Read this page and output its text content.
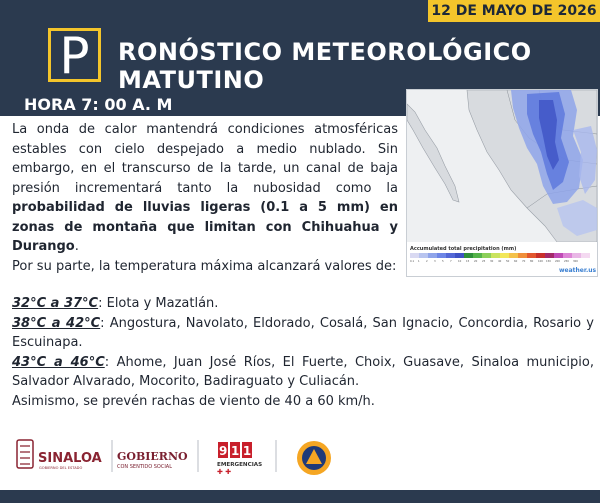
12 DE MAYO DE 2026
P	RONÓSTICO METEOROLÓGICO
MATUTINO
HORA 7: 00 A. M
Accumulated total precipitation (mm)
0.1 1 2 3 5 7 10 15 20 25 30 40 50 60 70 80 100 150 200 250 300
weather.us

La onda de calor mantendrá condiciones atmosféricas estables con cielo despejado a medio nublado. Sin embargo, en el transcurso de la tarde, un canal de baja presión incrementará tanto la nubosidad como la probabilidad de lluvias ligeras (0.1 a 5 mm) en zonas de montaña que limitan con Chihuahua y Durango.

Por su parte, la temperatura máxima alcanzará valores de:

32°C a 37°C: Elota y Mazatlán.

38°C a 42°C: Angostura, Navolato, Eldorado, Cosalá, San Ignacio, Concordia, Rosario y Escuinapa.

43°C a 46°C: Ahome, Juan José Ríos, El Fuerte, Choix, Guasave, Sinaloa municipio, Salvador Alvarado, Mocorito, Badiraguato y Culiacán.

Asimismo, se prevén rachas de viento de 40 a 60 km/h.

SINALOA
GOBIERNO DEL ESTADO
GOBIERNO
CON SENTIDO SOCIAL
911
EMERGENCIAS
✚ ✚
